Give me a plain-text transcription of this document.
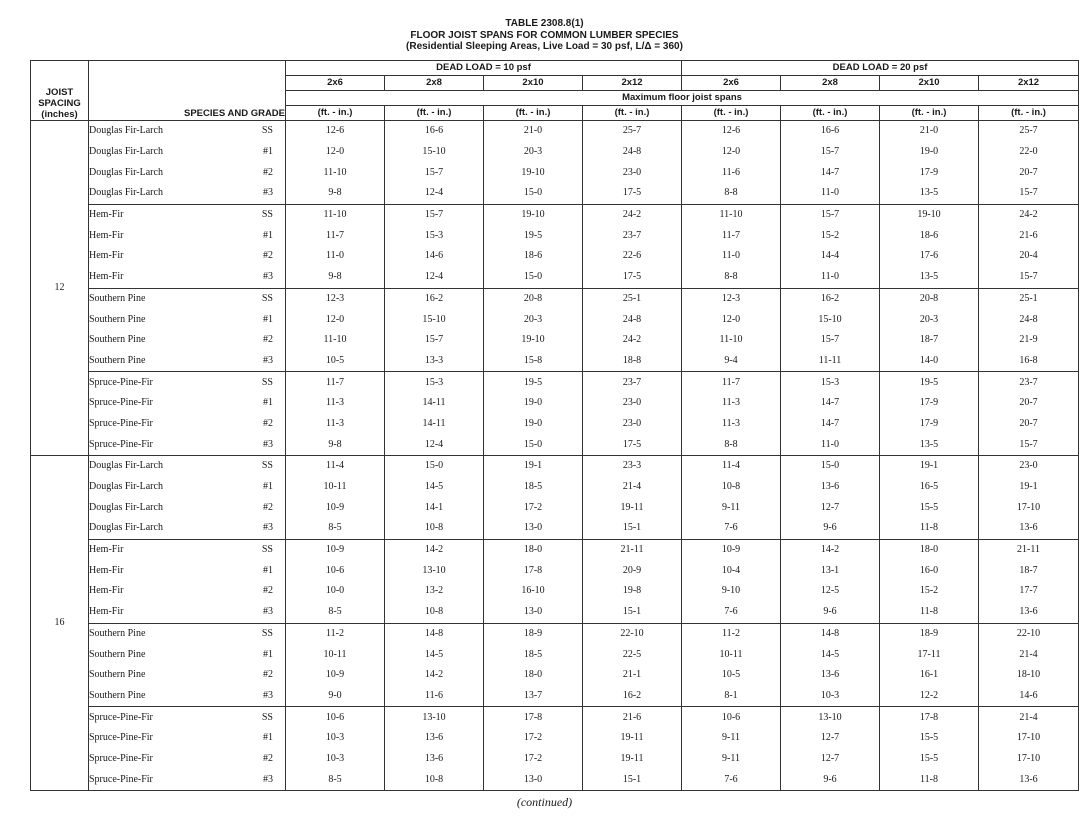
TABLE 2308.8(1)
FLOOR JOIST SPANS FOR COMMON LUMBER SPECIES
(Residential Sleeping Areas, Live Load = 30 psf, L/Δ = 360)
JOIST
SPACING
(inches)	SPECIES AND GRADE	DEAD LOAD = 10 psf				DEAD LOAD = 20 psf			
		2x6	2x8	2x10	2x12	2x6	2x8	2x10	2x12
		Maximum floor joist spans							
		(ft. - in.)	(ft. - in.)	(ft. - in.)	(ft. - in.)	(ft. - in.)	(ft. - in.)	(ft. - in.)	(ft. - in.)
12	Douglas Fir-Larch SS	12-6	16-6	21-0	25-7	12-6	16-6	21-0	25-7

	Douglas Fir-Larch #1	12-0	15-10	20-3	24-8	12-0	15-7	19-0	22-0

	Douglas Fir-Larch #2	11-10	15-7	19-10	23-0	11-6	14-7	17-9	20-7

	Douglas Fir-Larch #3	9-8	12-4	15-0	17-5	8-8	11-0	13-5	15-7

	Hem-Fir SS	11-10	15-7	19-10	24-2	11-10	15-7	19-10	24-2

	Hem-Fir #1	11-7	15-3	19-5	23-7	11-7	15-2	18-6	21-6

	Hem-Fir #2	11-0	14-6	18-6	22-6	11-0	14-4	17-6	20-4

	Hem-Fir #3	9-8	12-4	15-0	17-5	8-8	11-0	13-5	15-7

	Southern Pine SS	12-3	16-2	20-8	25-1	12-3	16-2	20-8	25-1

	Southern Pine #1	12-0	15-10	20-3	24-8	12-0	15-10	20-3	24-8

	Southern Pine #2	11-10	15-7	19-10	24-2	11-10	15-7	18-7	21-9

	Southern Pine #3	10-5	13-3	15-8	18-8	9-4	11-11	14-0	16-8

	Spruce-Pine-Fir SS	11-7	15-3	19-5	23-7	11-7	15-3	19-5	23-7

	Spruce-Pine-Fir #1	11-3	14-11	19-0	23-0	11-3	14-7	17-9	20-7

	Spruce-Pine-Fir #2	11-3	14-11	19-0	23-0	11-3	14-7	17-9	20-7

	Spruce-Pine-Fir #3	9-8	12-4	15-0	17-5	8-8	11-0	13-5	15-7
16	Douglas Fir-Larch SS	11-4	15-0	19-1	23-3	11-4	15-0	19-1	23-0

	Douglas Fir-Larch #1	10-11	14-5	18-5	21-4	10-8	13-6	16-5	19-1

	Douglas Fir-Larch #2	10-9	14-1	17-2	19-11	9-11	12-7	15-5	17-10

	Douglas Fir-Larch #3	8-5	10-8	13-0	15-1	7-6	9-6	11-8	13-6

	Hem-Fir SS	10-9	14-2	18-0	21-11	10-9	14-2	18-0	21-11

	Hem-Fir #1	10-6	13-10	17-8	20-9	10-4	13-1	16-0	18-7

	Hem-Fir #2	10-0	13-2	16-10	19-8	9-10	12-5	15-2	17-7

	Hem-Fir #3	8-5	10-8	13-0	15-1	7-6	9-6	11-8	13-6

	Southern Pine SS	11-2	14-8	18-9	22-10	11-2	14-8	18-9	22-10

	Southern Pine #1	10-11	14-5	18-5	22-5	10-11	14-5	17-11	21-4

	Southern Pine #2	10-9	14-2	18-0	21-1	10-5	13-6	16-1	18-10

	Southern Pine #3	9-0	11-6	13-7	16-2	8-1	10-3	12-2	14-6

	Spruce-Pine-Fir SS	10-6	13-10	17-8	21-6	10-6	13-10	17-8	21-4

	Spruce-Pine-Fir #1	10-3	13-6	17-2	19-11	9-11	12-7	15-5	17-10

	Spruce-Pine-Fir #2	10-3	13-6	17-2	19-11	9-11	12-7	15-5	17-10

	Spruce-Pine-Fir #3	8-5	10-8	13-0	15-1	7-6	9-6	11-8	13-6
(continued)
